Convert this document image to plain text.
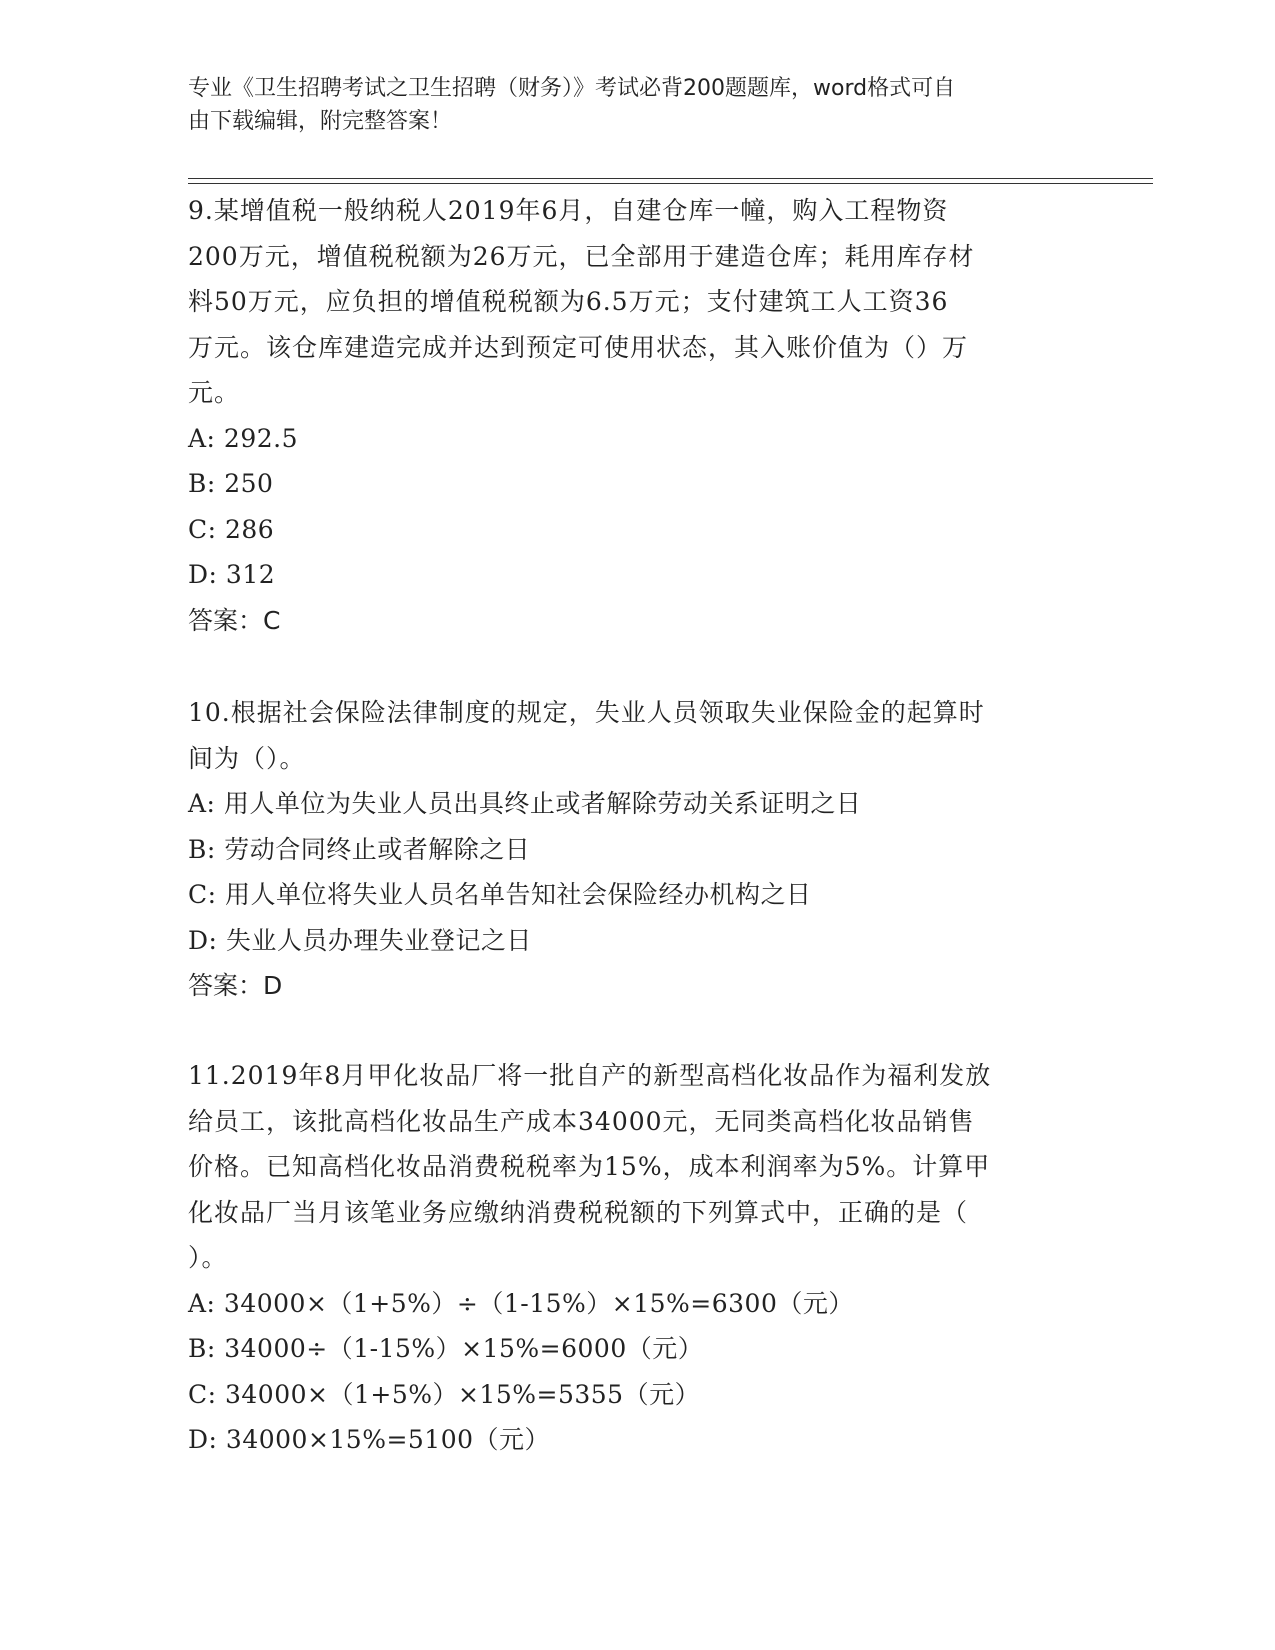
专业《卫生招聘考试之卫生招聘（财务）》考试必背200题题库，word格式可自
由下载编辑，附完整答案！
9.某增值税一般纳税人2019年6月，自建仓库一幢，购入工程物资
200万元，增值税税额为26万元，已全部用于建造仓库；耗用库存材
料50万元，应负担的增值税税额为6.5万元；支付建筑工人工资36
万元。该仓库建造完成并达到预定可使用状态，其入账价值为（）万
元。
A: 292.5
B: 250
C: 286
D: 312
答案：C
10.根据社会保险法律制度的规定，失业人员领取失业保险金的起算时
间为（）。
A: 用人单位为失业人员出具终止或者解除劳动关系证明之日
B: 劳动合同终止或者解除之日
C: 用人单位将失业人员名单告知社会保险经办机构之日
D: 失业人员办理失业登记之日
答案：D
11.2019年8月甲化妆品厂将一批自产的新型高档化妆品作为福利发放
给员工，该批高档化妆品生产成本34000元，无同类高档化妆品销售
价格。已知高档化妆品消费税税率为15%，成本利润率为5%。计算甲
化妆品厂当月该笔业务应缴纳消费税税额的下列算式中，正确的是（
）。
A: 34000×（1+5%）÷（1-15%）×15%=6300（元）
B: 34000÷（1-15%）×15%=6000（元）
C: 34000×（1+5%）×15%=5355（元）
D: 34000×15%=5100（元）
